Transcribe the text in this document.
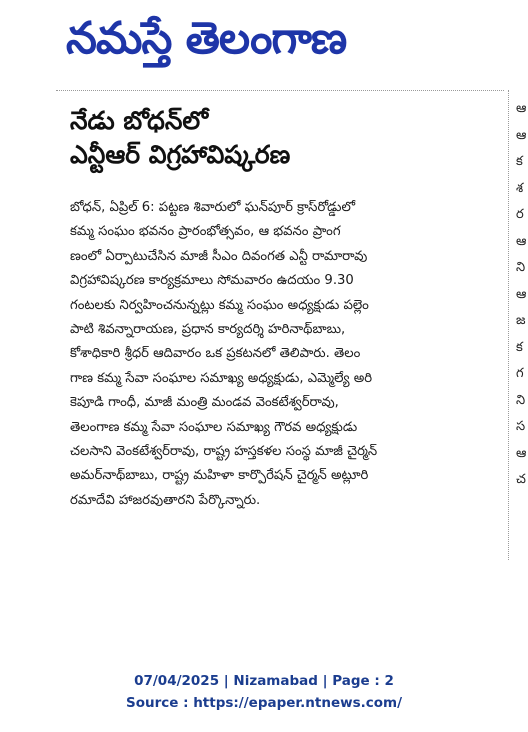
నమస్తే తెలంగాణ
నేడు బోధన్‌లో
ఎన్టీఆర్ విగ్రహావిష్కరణ
బోధన్, ఏప్రిల్ 6: పట్టణ శివారులో ఘన్‌పూర్ క్రాస్‌రోడ్డులో
కమ్మ సంఘం భవనం ప్రారంభోత్సవం, ఆ భవనం ప్రాంగ
ణంలో ఏర్పాటుచేసిన మాజీ సీఎం దివంగత ఎన్టీ రామారావు
విగ్రహావిష్కరణ కార్యక్రమాలు సోమవారం ఉదయం 9.30
గంటలకు నిర్వహించనున్నట్లు కమ్మ సంఘం అధ్యక్షుడు పల్లెం
పాటి శివన్నారాయణ, ప్రధాన కార్యదర్శి హరినాథ్‌బాబు,
కోశాధికారి శ్రీధర్ ఆదివారం ఒక ప్రకటనలో తెలిపారు. తెలం
గాణ కమ్మ సేవా సంఘాల సమాఖ్య అధ్యక్షుడు, ఎమ్మెల్యే అరి
కెపూడి గాంధీ, మాజీ మంత్రి మండవ వెంకటేశ్వర్‌రావు,
తెలంగాణ కమ్మ సేవా సంఘాల సమాఖ్య గౌరవ అధ్యక్షుడు
చలసాని వెంకటేశ్వర్‌రావు, రాష్ట్ర హస్తకళల సంస్థ మాజీ చైర్మన్
అమర్‌నాథ్‌బాబు, రాష్ట్ర మహిళా కార్పొరేషన్ చైర్మన్ అట్లూరి
రమాదేవి హాజరవుతారని పేర్కొన్నారు.
ఆ
ఆ
క
శ
ర
ఆ
ని
ఆ
జ
క
గ
ని
స
ఆ
చ
07/04/2025 | Nizamabad | Page : 2
Source : https://epaper.ntnews.com/
